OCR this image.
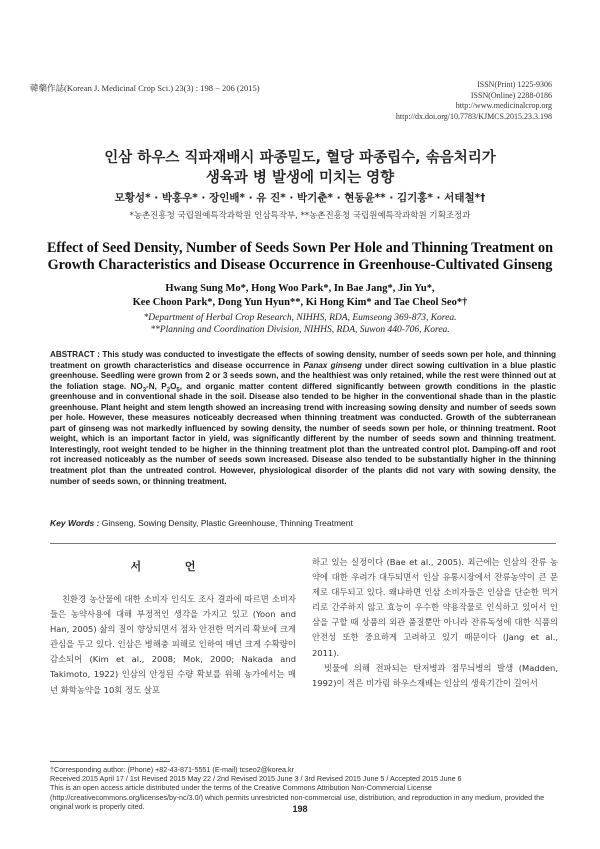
韓藥作誌(Korean J. Medicinal Crop Sci.) 23(3) : 198 − 206 (2015)	ISSN(Print) 1225-9306
ISSN(Online) 2288-0186
http://www.medicinalcrop.org
http://dx.doi.org/10.7783/KJMCS.2015.23.3.198
인삼 하우스 직파재배시 파종밀도, 혈당 파종립수, 솎음처리가
생육과 병 발생에 미치는 영향
모황성* · 박홍우* · 장인배* · 유 진* · 박기춘* · 현동윤** · 김기홍* · 서태철*†
*농촌진흥청 국립원예특작과학원 인삼특작부, **농촌진흥청 국립원예특작과학원 기획조정과
Effect of Seed Density, Number of Seeds Sown Per Hole and Thinning Treatment on
Growth Characteristics and Disease Occurrence in Greenhouse-Cultivated Ginseng
Hwang Sung Mo*, Hong Woo Park*, In Bae Jang*, Jin Yu*,
Kee Choon Park*, Dong Yun Hyun**, Ki Hong Kim* and Tae Cheol Seo*†
*Department of Herbal Crop Research, NIHHS, RDA, Eumseong 369-873, Korea.
**Planning and Coordination Division, NIHHS, RDA, Suwon 440-706, Korea.
ABSTRACT : This study was conducted to investigate the effects of sowing density, number of seeds sown per hole, and thinning treatment on growth characteristics and disease occurrence in Panax ginseng under direct sowing cultivation in a blue plastic greenhouse. Seedling were grown from 2 or 3 seeds sown, and the healthiest was only retained, while the rest were thinned out at the foliation stage. $NO_3-N$, $P_2O_5$, and organic matter content differed significantly between growth conditions in the plastic greenhouse and in conventional shade in the soil. Disease also tended to be higher in the conventional shade than in the plastic greenhouse. Plant height and stem length showed an increasing trend with increasing sowing density and number of seeds sown per hole. However, these measures noticeably decreased when thinning treatment was conducted. Growth of the subterranean part of ginseng was not markedly influenced by sowing density, the number of seeds sown per hole, or thinning treatment. Root weight, which is an important factor in yield, was significantly different by the number of seeds sown and thinning treatment. Interestingly, root weight tended to be higher in the thinning treatment plot than the untreated control plot. Damping-off and root rot increased noticeably as the number of seeds sown increased. Disease also tended to be substantially higher in the thinning treatment plot than the untreated control. However, physiological disorder of the plants did not vary with sowing density, the number of seeds sown, or thinning treatment.
Key Words : Ginseng, Sowing Density, Plastic Greenhouse, Thinning Treatment
서 언

친환경 농산물에 대한 소비자 인식도 조사 결과에 따르면 소비자들은 농약사용에 대해 부정적인 생각을 가지고 있고 (Yoon and Han, 2005) 삶의 질이 향상되면서 점차 안전한 먹거리 확보에 크게 관심을 두고 있다. 인삼은 병해충 피해로 인하여 매년 크게 수확량이 감소되어 (Kim et al., 2008; Mok, 2000; Nakada and Takimoto, 1922) 인삼의 안정된 수량 확보를 위해 농가에서는 매년 화학농약을 10회 정도 살포

하고 있는 실정이다 (Bae et al., 2005). 최근에는 인삼의 잔류 농약에 대한 우려가 대두되면서 인삼 유통시장에서 잔류농약이 큰 문제로 대두되고 있다. 왜냐하면 인삼 소비자들은 인삼을 단순한 먹거리로 간주하지 않고 효능이 우수한 약용작물로 인식하고 있어서 인삼을 구할 때 상품의 외관 품질뿐만 아니라 잔류독성에 대한 식품의 안전성 또한 중요하게 고려하고 있기 때문이다 (Jang et al., 2011).

빗물에 의해 전파되는 탄저병과 점무늬병의 발생 (Madden, 1992)이 적은 비가림 하우스재배는 인삼의 생육기간이 길어서

†Corresponding author: (Phone) +82-43-871-5551 (E-mail) tcseo2@korea.kr
Received 2015 April 17 / 1st Revised 2015 May 22 / 2nd Revised 2015 June 3 / 3rd Revised 2015 June 5 / Accepted 2015 June 6
This is an open access article distributed under the terms of the Creative Commons Attribution Non-Commercial License (http://creativecommons.org/licenses/by-nc/3.0/) which permits unrestricted non-commercial use, distribution, and reproduction in any medium, provided the original work is properly cited.	198
